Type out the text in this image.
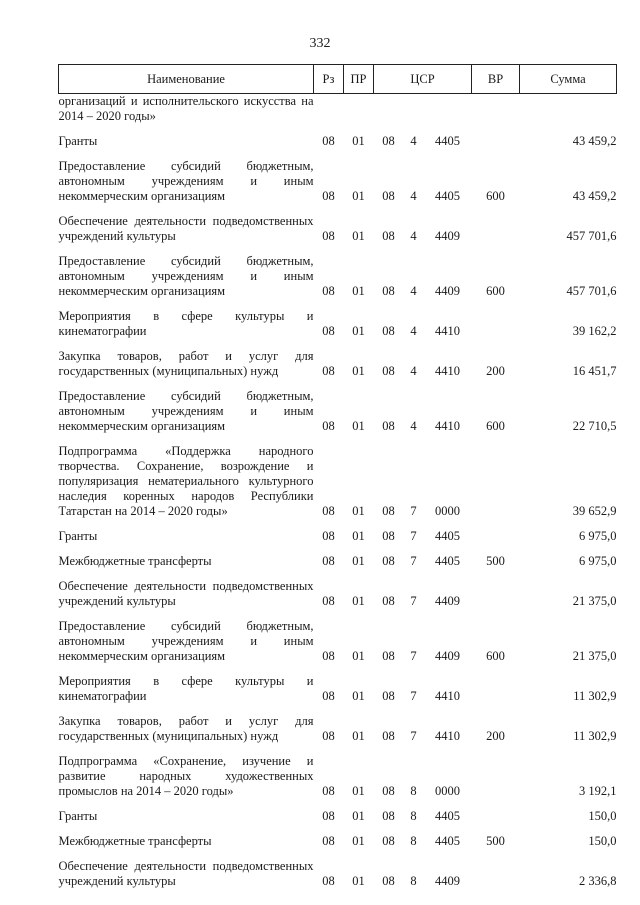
332
Наименование	Рз	ПР	ЦСР			ВР	Сумма
организаций и исполнительского искусства на 2014 – 2020 годы»							

Гранты	08	01	08	4	4405		43 459,2

Предоставление субсидий бюджетным, автономным учреждениям и иным некоммерческим организациям	08	01	08	4	4405	600	43 459,2

Обеспечение деятельности подведомственных учреждений культуры	08	01	08	4	4409		457 701,6

Предоставление субсидий бюджетным, автономным учреждениям и иным некоммерческим организациям	08	01	08	4	4409	600	457 701,6

Мероприятия в сфере культуры и кинематографии	08	01	08	4	4410		39 162,2

Закупка товаров, работ и услуг для государственных (муниципальных) нужд	08	01	08	4	4410	200	16 451,7

Предоставление субсидий бюджетным, автономным учреждениям и иным некоммерческим организациям	08	01	08	4	4410	600	22 710,5

Подпрограмма «Поддержка народного творчества. Сохранение, возрождение и популяризация нематериального культурного наследия коренных народов Республики Татарстан на 2014 – 2020 годы»	08	01	08	7	0000		39 652,9

Гранты	08	01	08	7	4405		6 975,0

Межбюджетные трансферты	08	01	08	7	4405	500	6 975,0

Обеспечение деятельности подведомственных учреждений культуры	08	01	08	7	4409		21 375,0

Предоставление субсидий бюджетным, автономным учреждениям и иным некоммерческим организациям	08	01	08	7	4409	600	21 375,0

Мероприятия в сфере культуры и кинематографии	08	01	08	7	4410		11 302,9

Закупка товаров, работ и услуг для государственных (муниципальных) нужд	08	01	08	7	4410	200	11 302,9

Подпрограмма «Сохранение, изучение и развитие народных художественных промыслов на 2014 – 2020 годы»	08	01	08	8	0000		3 192,1

Гранты	08	01	08	8	4405		150,0

Межбюджетные трансферты	08	01	08	8	4405	500	150,0

Обеспечение деятельности подведомственных учреждений культуры	08	01	08	8	4409		2 336,8
